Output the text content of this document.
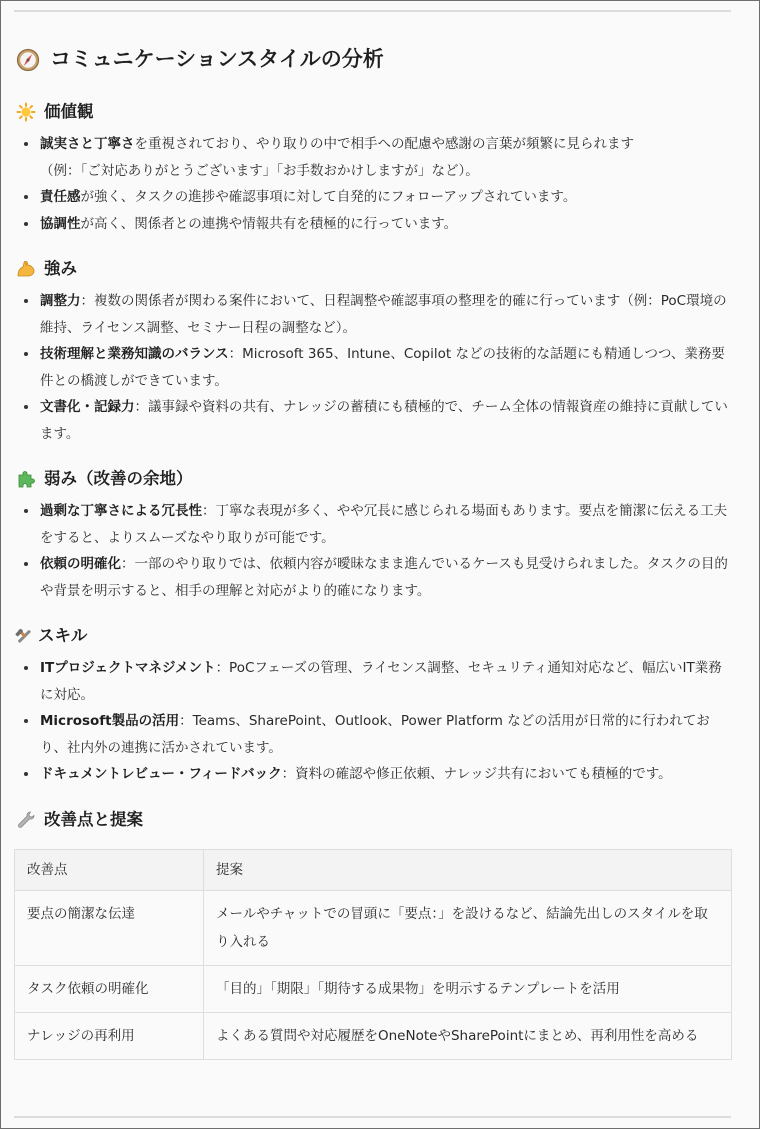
コミュニケーションスタイルの分析
価値観
誠実さと丁寧さを重視されており、やり取りの中で相手への配慮や感謝の言葉が頻繁に見られます
（例：「ご対応ありがとうございます」「お手数おかけしますが」など）。
責任感が強く、タスクの進捗や確認事項に対して自発的にフォローアップされています。
協調性が高く、関係者との連携や情報共有を積極的に行っています。
強み
調整力：複数の関係者が関わる案件において、日程調整や確認事項の整理を的確に行っています（例：PoC環境の維持、ライセンス調整、セミナー日程の調整など）。
技術理解と業務知識のバランス：Microsoft 365、Intune、Copilot などの技術的な話題にも精通しつつ、業務要件との橋渡しができています。
文書化・記録力：議事録や資料の共有、ナレッジの蓄積にも積極的で、チーム全体の情報資産の維持に貢献しています。
弱み（改善の余地）
過剰な丁寧さによる冗長性：丁寧な表現が多く、やや冗長に感じられる場面もあります。要点を簡潔に伝える工夫をすると、よりスムーズなやり取りが可能です。
依頼の明確化：一部のやり取りでは、依頼内容が曖昧なまま進んでいるケースも見受けられました。タスクの目的や背景を明示すると、相手の理解と対応がより的確になります。
スキル
ITプロジェクトマネジメント：PoCフェーズの管理、ライセンス調整、セキュリティ通知対応など、幅広いIT業務に対応。
Microsoft製品の活用：Teams、SharePoint、Outlook、Power Platform などの活用が日常的に行われており、社内外の連携に活かされています。
ドキュメントレビュー・フィードバック：資料の確認や修正依頼、ナレッジ共有においても積極的です。
改善点と提案
改善点	提案
要点の簡潔な伝達	メールやチャットでの冒頭に「要点：」を設けるなど、結論先出しのスタイルを取り入れる
タスク依頼の明確化	「目的」「期限」「期待する成果物」を明示するテンプレートを活用
ナレッジの再利用	よくある質問や対応履歴をOneNoteやSharePointにまとめ、再利用性を高める
